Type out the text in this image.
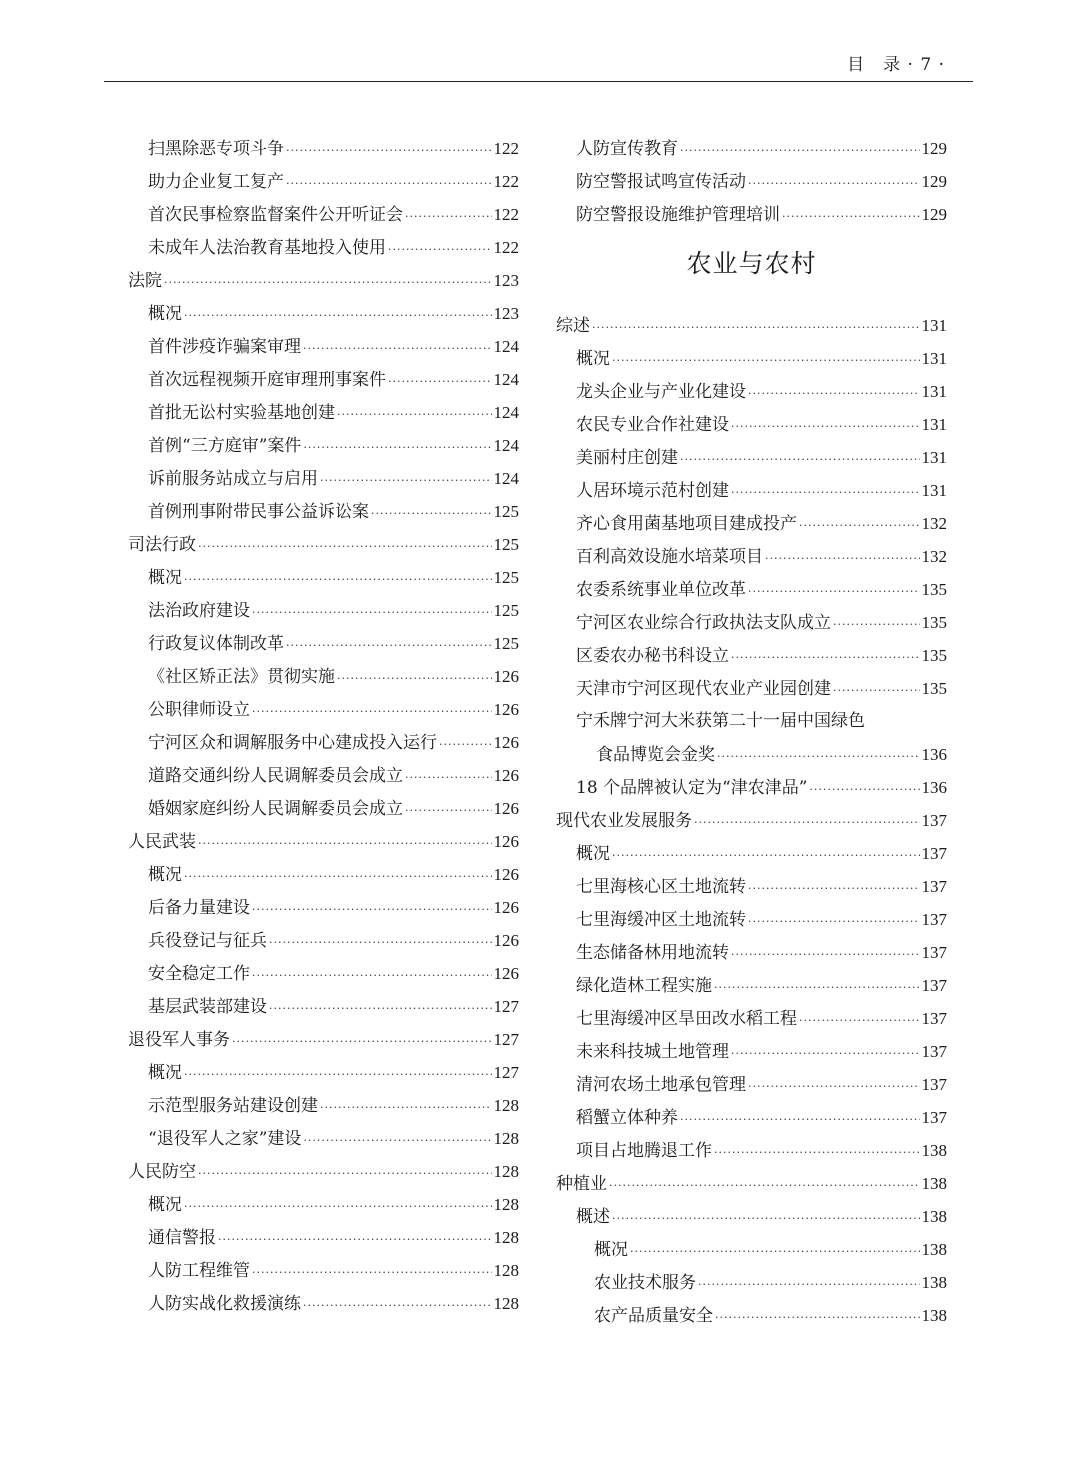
目　录 · 7 ·
扫黑除恶专项斗争 ·····	122
助力企业复工复产 ·····	122
首次民事检察监督案件公开听证会 ·····	122
未成年人法治教育基地投入使用 ·····	122
法院 ·····	123
概况 ·····	123
首件涉疫诈骗案审理 ·····	124
首次远程视频开庭审理刑事案件 ·····	124
首批无讼村实验基地创建 ·····	124
首例“三方庭审”案件 ·····	124
诉前服务站成立与启用 ·····	124
首例刑事附带民事公益诉讼案 ·····	125
司法行政 ·····	125
概况 ·····	125
法治政府建设 ·····	125
行政复议体制改革 ·····	125
《社区矫正法》贯彻实施 ·····	126
公职律师设立 ·····	126
宁河区众和调解服务中心建成投入运行 ·····	126
道路交通纠纷人民调解委员会成立 ·····	126
婚姻家庭纠纷人民调解委员会成立 ·····	126
人民武装 ·····	126
概况 ·····	126
后备力量建设 ·····	126
兵役登记与征兵 ·····	126
安全稳定工作 ·····	126
基层武装部建设 ·····	127
退役军人事务 ·····	127
概况 ·····	127
示范型服务站建设创建 ·····	128
“退役军人之家”建设 ·····	128
人民防空 ·····	128
概况 ·····	128
通信警报 ·····	128
人防工程维管 ·····	128
人防实战化救援演练 ·····	128
人防宣传教育 ·····	129
防空警报试鸣宣传活动 ·····	129
防空警报设施维护管理培训 ·····	129
农业与农村
综述 ·····	131
概况 ·····	131
龙头企业与产业化建设 ·····	131
农民专业合作社建设 ·····	131
美丽村庄创建 ·····	131
人居环境示范村创建 ·····	131
齐心食用菌基地项目建成投产 ·····	132
百利高效设施水培菜项目 ·····	132
农委系统事业单位改革 ·····	135
宁河区农业综合行政执法支队成立 ·····	135
区委农办秘书科设立 ·····	135
天津市宁河区现代农业产业园创建 ·····	135
宁禾牌宁河大米获第二十一届中国绿色
食品博览会金奖 ·····	136
18 个品牌被认定为“津农津品” ·····	136
现代农业发展服务 ·····	137
概况 ·····	137
七里海核心区土地流转 ·····	137
七里海缓冲区土地流转 ·····	137
生态储备林用地流转 ·····	137
绿化造林工程实施 ·····	137
七里海缓冲区旱田改水稻工程 ·····	137
未来科技城土地管理 ·····	137
清河农场土地承包管理 ·····	137
稻蟹立体种养 ·····	137
项目占地腾退工作 ·····	138
种植业 ·····	138
概述 ·····	138
概况 ·····	138
农业技术服务 ·····	138
农产品质量安全 ·····	138
